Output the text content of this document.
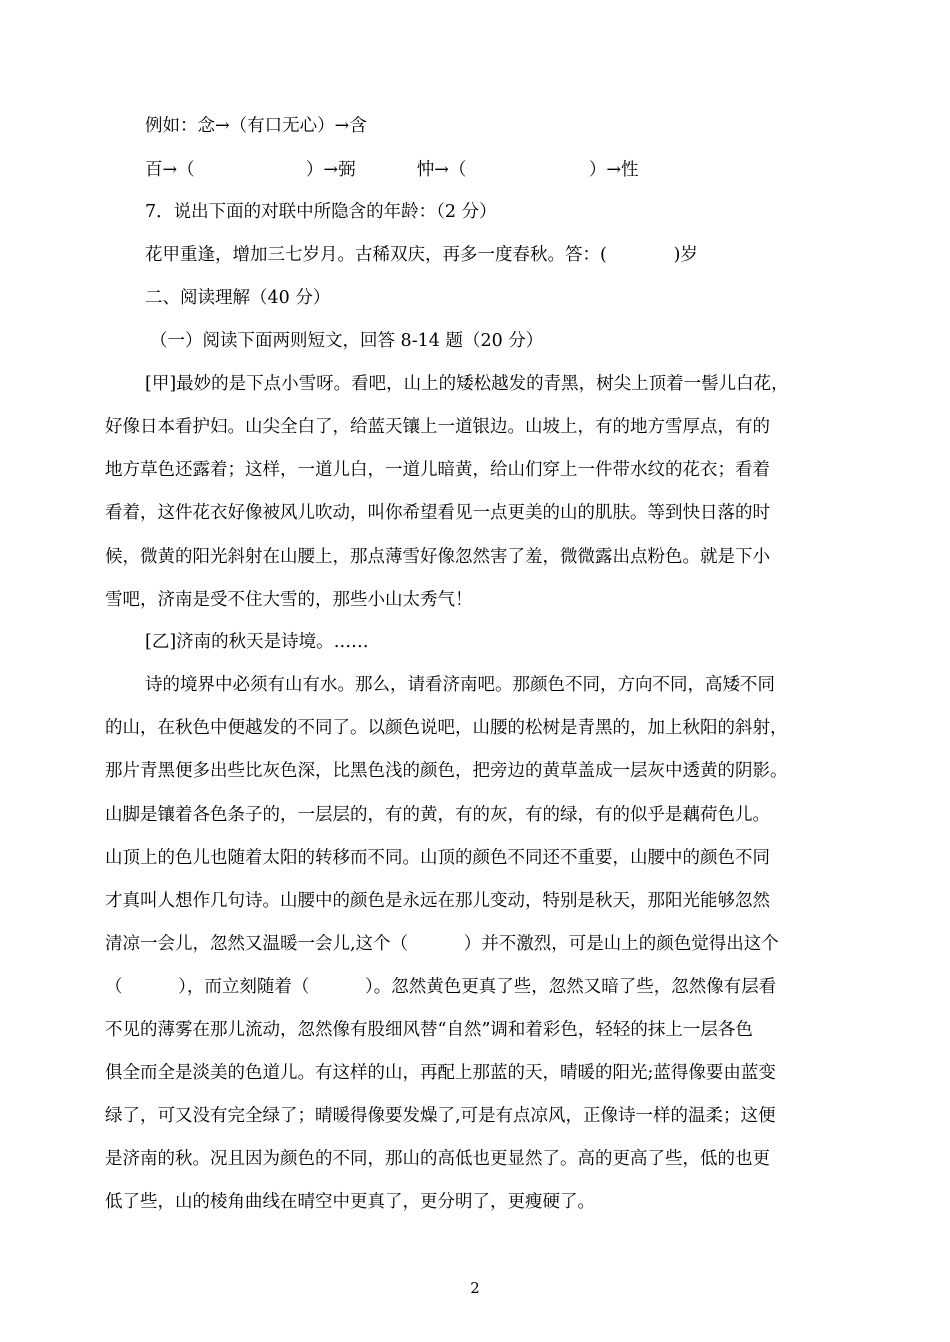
例如：念→（有口无心）→含
百→（                    ）→弼           忡→（                      ）→性
7．说出下面的对联中所隐含的年龄：（2 分）
花甲重逢，增加三七岁月。古稀双庆，再多一度春秋。答：(            )岁
二、阅读理解（40 分）
（一）阅读下面两则短文，回答 8-14 题（20 分）
[甲]最妙的是下点小雪呀。看吧，山上的矮松越发的青黑，树尖上顶着一髻儿白花，
好像日本看护妇。山尖全白了，给蓝天镶上一道银边。山坡上，有的地方雪厚点，有的
地方草色还露着；这样，一道儿白，一道儿暗黄，给山们穿上一件带水纹的花衣；看着
看着，这件花衣好像被风儿吹动，叫你希望看见一点更美的山的肌肤。等到快日落的时
候，微黄的阳光斜射在山腰上，那点薄雪好像忽然害了羞，微微露出点粉色。就是下小
雪吧，济南是受不住大雪的，那些小山太秀气！
[乙]济南的秋天是诗境。……
诗的境界中必须有山有水。那么，请看济南吧。那颜色不同，方向不同，高矮不同
的山，在秋色中便越发的不同了。以颜色说吧，山腰的松树是青黑的，加上秋阳的斜射，
那片青黑便多出些比灰色深，比黑色浅的颜色，把旁边的黄草盖成一层灰中透黄的阴影。
山脚是镶着各色条子的，一层层的，有的黄，有的灰，有的绿，有的似乎是藕荷色儿。
山顶上的色儿也随着太阳的转移而不同。山顶的颜色不同还不重要，山腰中的颜色不同
才真叫人想作几句诗。山腰中的颜色是永远在那儿变动，特别是秋天，那阳光能够忽然
清凉一会儿，忽然又温暖一会儿,这个（          ）并不激烈，可是山上的颜色觉得出这个
（          ），而立刻随着（          ）。忽然黄色更真了些，忽然又暗了些，忽然像有层看
不见的薄雾在那儿流动，忽然像有股细风替“自然”调和着彩色，轻轻的抹上一层各色
俱全而全是淡美的色道儿。有这样的山，再配上那蓝的天，晴暖的阳光;蓝得像要由蓝变
绿了，可又没有完全绿了；晴暖得像要发燥了,可是有点凉风，正像诗一样的温柔；这便
是济南的秋。况且因为颜色的不同，那山的高低也更显然了。高的更高了些，低的也更
低了些，山的棱角曲线在晴空中更真了，更分明了，更瘦硬了。
2
